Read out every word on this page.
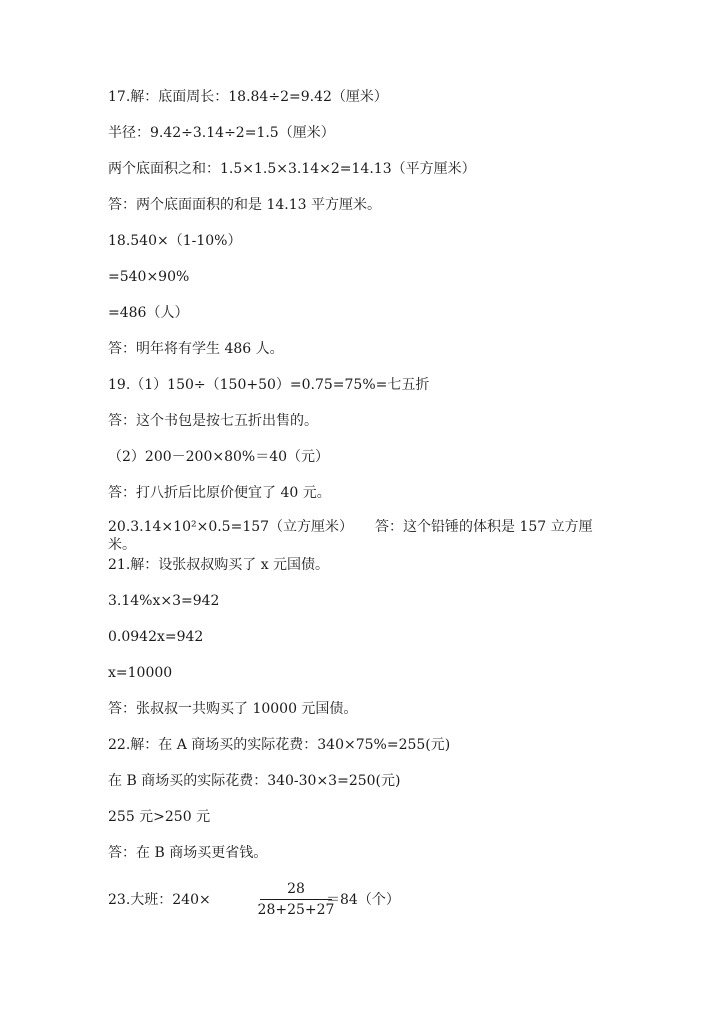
17.解：底面周长：18.84÷2=9.42（厘米）
半径：9.42÷3.14÷2=1.5（厘米）
两个底面积之和：1.5×1.5×3.14×2=14.13（平方厘米）
答：两个底面面积的和是 14.13 平方厘米。
18.540×（1-10%）
=540×90%
=486（人）
答：明年将有学生 486 人。
19.（1）150÷（150+50）=0.75=75%=七五折
答：这个书包是按七五折出售的。
（2）200－200×80%＝40（元）
答：打八折后比原价便宜了 40 元。
20.3.14×10²×0.5=157（立方厘米） 答：这个铅锤的体积是 157 立方厘米。
21.解：设张叔叔购买了 x 元国债。
3.14%x×3=942
0.0942x=942
x=10000
答：张叔叔一共购买了 10000 元国债。
22.解：在 A 商场买的实际花费：340×75%=255(元)
在 B 商场买的实际花费：340-30×3=250(元)
255 元>250 元
答：在 B 商场买更省钱。
23.大班：240×
28
28+25+27
＝84（个）
